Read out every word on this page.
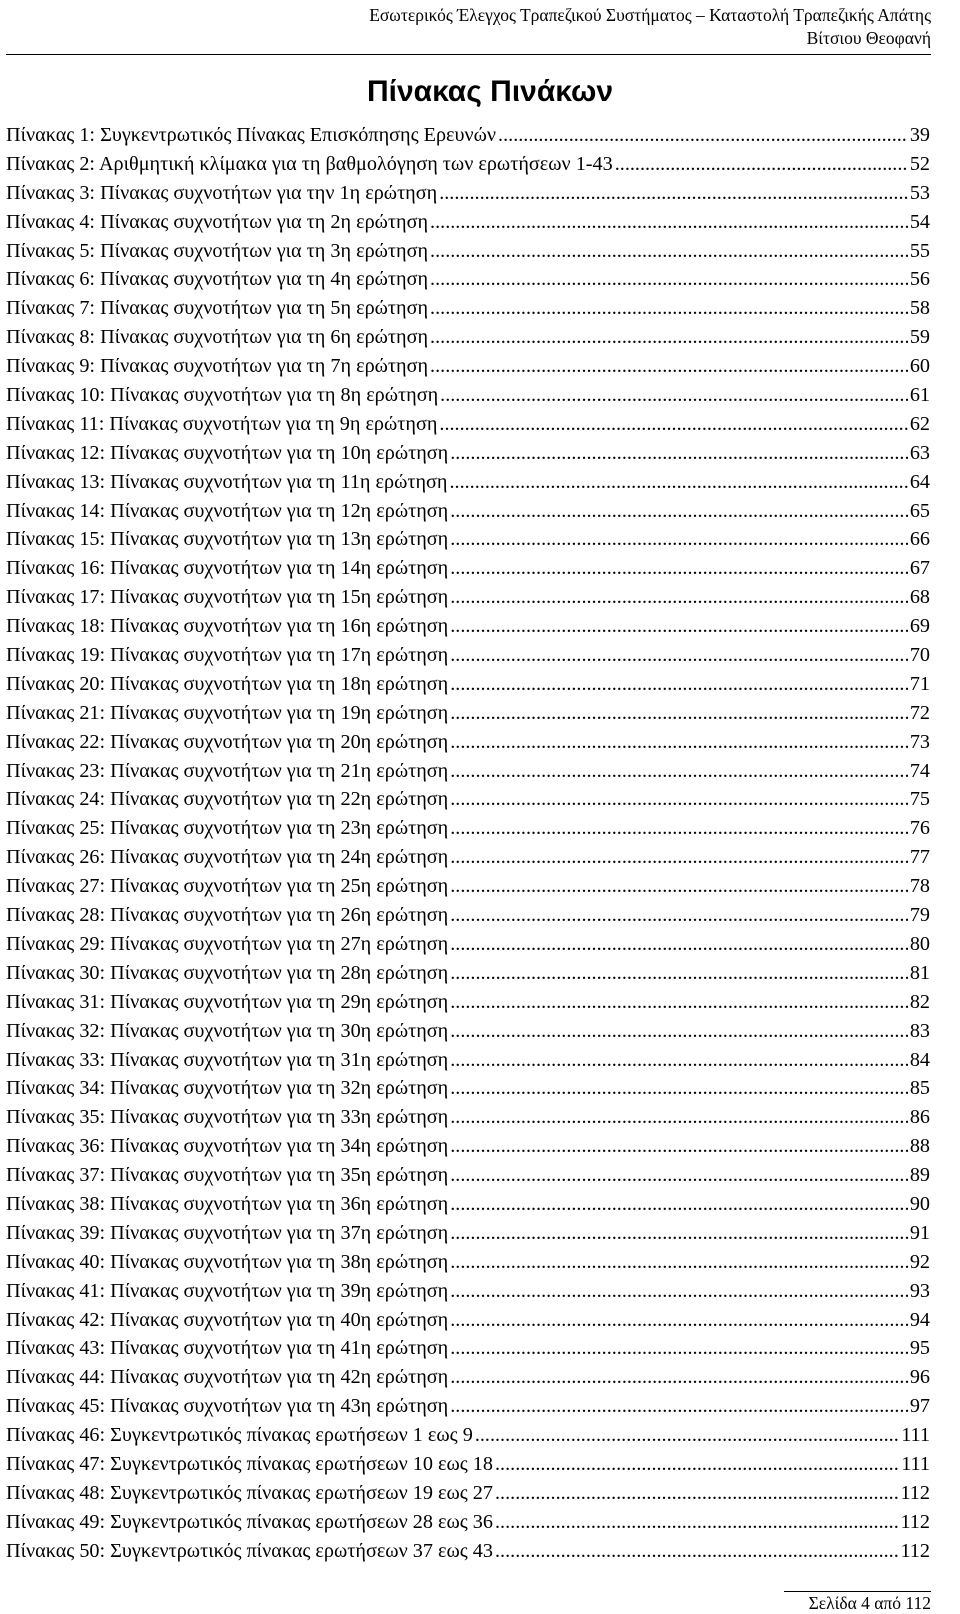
Εσωτερικός Έλεγχος Τραπεζικού Συστήματος – Καταστολή Τραπεζικής Απάτης
Βίτσιου Θεοφανή
Πίνακας Πινάκων
Πίνακας 1: Συγκεντρωτικός Πίνακας Επισκόπησης Ερευνών .....	39
Πίνακας 2: Αριθμητική κλίμακα για τη βαθμολόγηση των ερωτήσεων 1-43 .....	52
Πίνακας 3: Πίνακας συχνοτήτων για την 1η ερώτηση .....	53
Πίνακας 4: Πίνακας συχνοτήτων για τη 2η ερώτηση .....	54
Πίνακας 5: Πίνακας συχνοτήτων για τη 3η ερώτηση .....	55
Πίνακας 6: Πίνακας συχνοτήτων για τη 4η ερώτηση .....	56
Πίνακας 7: Πίνακας συχνοτήτων για τη 5η ερώτηση .....	58
Πίνακας 8: Πίνακας συχνοτήτων για τη 6η ερώτηση .....	59
Πίνακας 9: Πίνακας συχνοτήτων για τη 7η ερώτηση .....	60
Πίνακας 10: Πίνακας συχνοτήτων για τη 8η ερώτηση .....	61
Πίνακας 11: Πίνακας συχνοτήτων για τη 9η ερώτηση .....	62
Πίνακας 12: Πίνακας συχνοτήτων για τη 10η ερώτηση .....	63
Πίνακας 13: Πίνακας συχνοτήτων για τη 11η ερώτηση .....	64
Πίνακας 14: Πίνακας συχνοτήτων για τη 12η ερώτηση .....	65
Πίνακας 15: Πίνακας συχνοτήτων για τη 13η ερώτηση .....	66
Πίνακας 16: Πίνακας συχνοτήτων για τη 14η ερώτηση .....	67
Πίνακας 17: Πίνακας συχνοτήτων για τη 15η ερώτηση .....	68
Πίνακας 18: Πίνακας συχνοτήτων για τη 16η ερώτηση .....	69
Πίνακας 19: Πίνακας συχνοτήτων για τη 17η ερώτηση .....	70
Πίνακας 20: Πίνακας συχνοτήτων για τη 18η ερώτηση .....	71
Πίνακας 21: Πίνακας συχνοτήτων για τη 19η ερώτηση .....	72
Πίνακας 22: Πίνακας συχνοτήτων για τη 20η ερώτηση .....	73
Πίνακας 23: Πίνακας συχνοτήτων για τη 21η ερώτηση .....	74
Πίνακας 24: Πίνακας συχνοτήτων για τη 22η ερώτηση .....	75
Πίνακας 25: Πίνακας συχνοτήτων για τη 23η ερώτηση .....	76
Πίνακας 26: Πίνακας συχνοτήτων για τη 24η ερώτηση .....	77
Πίνακας 27: Πίνακας συχνοτήτων για τη 25η ερώτηση .....	78
Πίνακας 28: Πίνακας συχνοτήτων για τη 26η ερώτηση .....	79
Πίνακας 29: Πίνακας συχνοτήτων για τη 27η ερώτηση .....	80
Πίνακας 30: Πίνακας συχνοτήτων για τη 28η ερώτηση .....	81
Πίνακας 31: Πίνακας συχνοτήτων για τη 29η ερώτηση .....	82
Πίνακας 32: Πίνακας συχνοτήτων για τη 30η ερώτηση .....	83
Πίνακας 33: Πίνακας συχνοτήτων για τη 31η ερώτηση .....	84
Πίνακας 34: Πίνακας συχνοτήτων για τη 32η ερώτηση .....	85
Πίνακας 35: Πίνακας συχνοτήτων για τη 33η ερώτηση .....	86
Πίνακας 36: Πίνακας συχνοτήτων για τη 34η ερώτηση .....	88
Πίνακας 37: Πίνακας συχνοτήτων για τη 35η ερώτηση .....	89
Πίνακας 38: Πίνακας συχνοτήτων για τη 36η ερώτηση .....	90
Πίνακας 39: Πίνακας συχνοτήτων για τη 37η ερώτηση .....	91
Πίνακας 40: Πίνακας συχνοτήτων για τη 38η ερώτηση .....	92
Πίνακας 41: Πίνακας συχνοτήτων για τη 39η ερώτηση .....	93
Πίνακας 42: Πίνακας συχνοτήτων για τη 40η ερώτηση .....	94
Πίνακας 43: Πίνακας συχνοτήτων για τη 41η ερώτηση .....	95
Πίνακας 44: Πίνακας συχνοτήτων για τη 42η ερώτηση .....	96
Πίνακας 45: Πίνακας συχνοτήτων για τη 43η ερώτηση .....	97
Πίνακας 46: Συγκεντρωτικός πίνακας ερωτήσεων 1 εως 9 .....	111
Πίνακας 47: Συγκεντρωτικός πίνακας ερωτήσεων 10 εως 18 .....	111
Πίνακας 48: Συγκεντρωτικός πίνακας ερωτήσεων 19 εως 27 .....	112
Πίνακας 49: Συγκεντρωτικός πίνακας ερωτήσεων 28 εως 36 .....	112
Πίνακας 50: Συγκεντρωτικός πίνακας ερωτήσεων 37 εως 43 .....	112
Σελίδα 4 από 112
